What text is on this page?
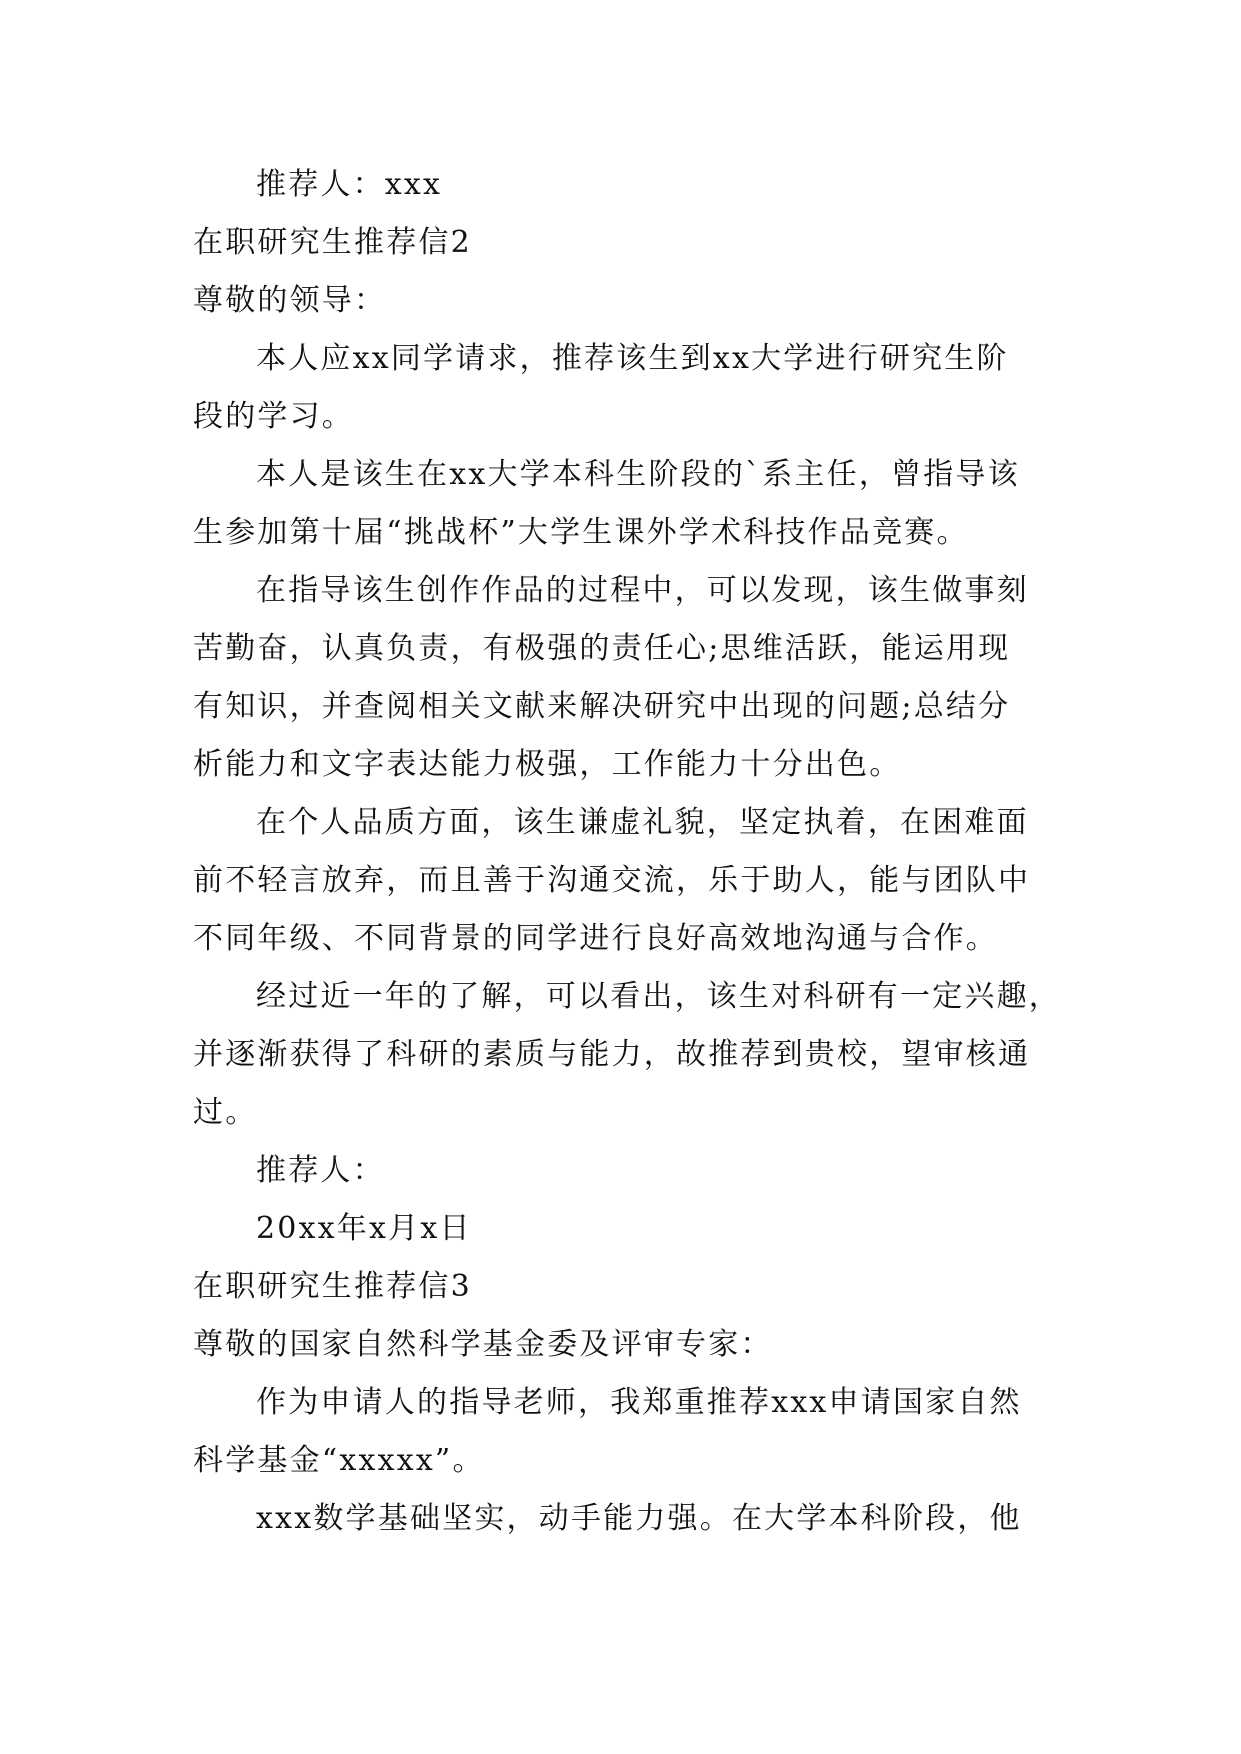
推荐人：xxx
在职研究生推荐信2
尊敬的领导：
本人应xx同学请求，推荐该生到xx大学进行研究生阶
段的学习。
本人是该生在xx大学本科生阶段的`系主任，曾指导该
生参加第十届“挑战杯”大学生课外学术科技作品竞赛。
在指导该生创作作品的过程中，可以发现，该生做事刻
苦勤奋，认真负责，有极强的责任心;思维活跃，能运用现
有知识，并查阅相关文献来解决研究中出现的问题;总结分
析能力和文字表达能力极强，工作能力十分出色。
在个人品质方面，该生谦虚礼貌，坚定执着，在困难面
前不轻言放弃，而且善于沟通交流，乐于助人，能与团队中
不同年级、不同背景的同学进行良好高效地沟通与合作。
经过近一年的了解，可以看出，该生对科研有一定兴趣，
并逐渐获得了科研的素质与能力，故推荐到贵校，望审核通
过。
推荐人：
20xx年x月x日
在职研究生推荐信3
尊敬的国家自然科学基金委及评审专家：
作为申请人的指导老师，我郑重推荐xxx申请国家自然
科学基金“xxxxx”。
xxx数学基础坚实，动手能力强。在大学本科阶段，他
